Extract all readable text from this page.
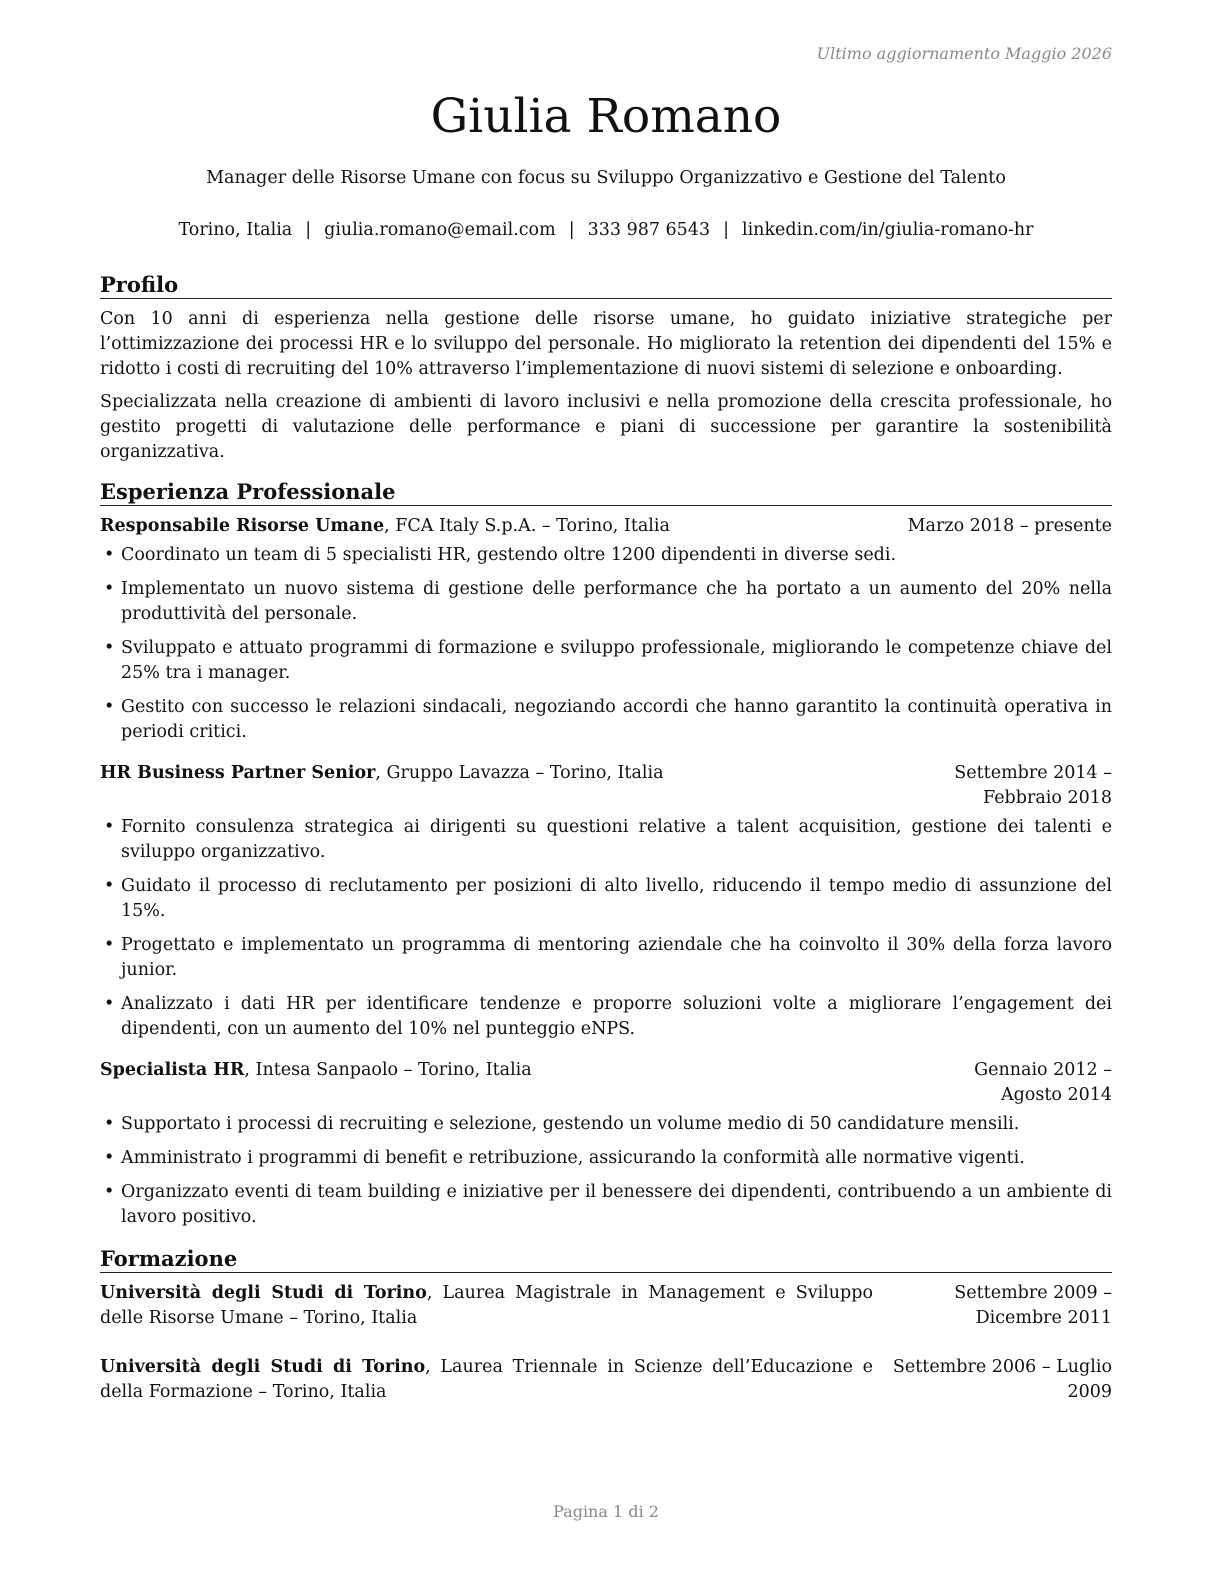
Ultimo aggiornamento Maggio 2026
Giulia Romano
Manager delle Risorse Umane con focus su Sviluppo Organizzativo e Gestione del Talento
Torino, Italia | giulia.romano@email.com | 333 987 6543 | linkedin.com/in/giulia-romano-hr
Profilo

Con 10 anni di esperienza nella gestione delle risorse umane, ho guidato iniziative strategiche per l’ottimizzazione dei processi HR e lo sviluppo del personale. Ho migliorato la retention dei dipendenti del 15% e ridotto i costi di recruiting del 10% attraverso l’implementazione di nuovi sistemi di selezione e onboarding.

Specializzata nella creazione di ambienti di lavoro inclusivi e nella promozione della crescita professionale, ho gestito progetti di valutazione delle performance e piani di successione per garantire la sostenibilità organizzativa.

Esperienza Professionale
Responsabile Risorse Umane, FCA Italy S.p.A. – Torino, Italia	Marzo 2018 – presente
• Coordinato un team di 5 specialisti HR, gestendo oltre 1200 dipendenti in diverse sedi.
• Implementato un nuovo sistema di gestione delle performance che ha portato a un aumento del 20% nella produttività del personale.
• Sviluppato e attuato programmi di formazione e sviluppo professionale, migliorando le competenze chiave del 25% tra i manager.
• Gestito con successo le relazioni sindacali, negoziando accordi che hanno garantito la continuità operativa in periodi critici.
HR Business Partner Senior, Gruppo Lavazza – Torino, Italia	Settembre 2014 – Febbraio 2018
• Fornito consulenza strategica ai dirigenti su questioni relative a talent acquisition, gestione dei talenti e sviluppo organizzativo.
• Guidato il processo di reclutamento per posizioni di alto livello, riducendo il tempo medio di assunzione del 15%.
• Progettato e implementato un programma di mentoring aziendale che ha coinvolto il 30% della forza lavoro junior.
• Analizzato i dati HR per identificare tendenze e proporre soluzioni volte a migliorare l’engagement dei dipendenti, con un aumento del 10% nel punteggio eNPS.
Specialista HR, Intesa Sanpaolo – Torino, Italia	Gennaio 2012 – Agosto 2014
• Supportato i processi di recruiting e selezione, gestendo un volume medio di 50 candidature mensili.
• Amministrato i programmi di benefit e retribuzione, assicurando la conformità alle normative vigenti.
• Organizzato eventi di team building e iniziative per il benessere dei dipendenti, contribuendo a un ambiente di lavoro positivo.
Formazione
Università degli Studi di Torino, Laurea Magistrale in Management e Sviluppo delle Risorse Umane – Torino, Italia
Settembre 2009 – Dicembre 2011
Università degli Studi di Torino, Laurea Triennale in Scienze dell’Educazione e della Formazione – Torino, Italia
Settembre 2006 – Luglio 2009
Pagina 1 di 2
